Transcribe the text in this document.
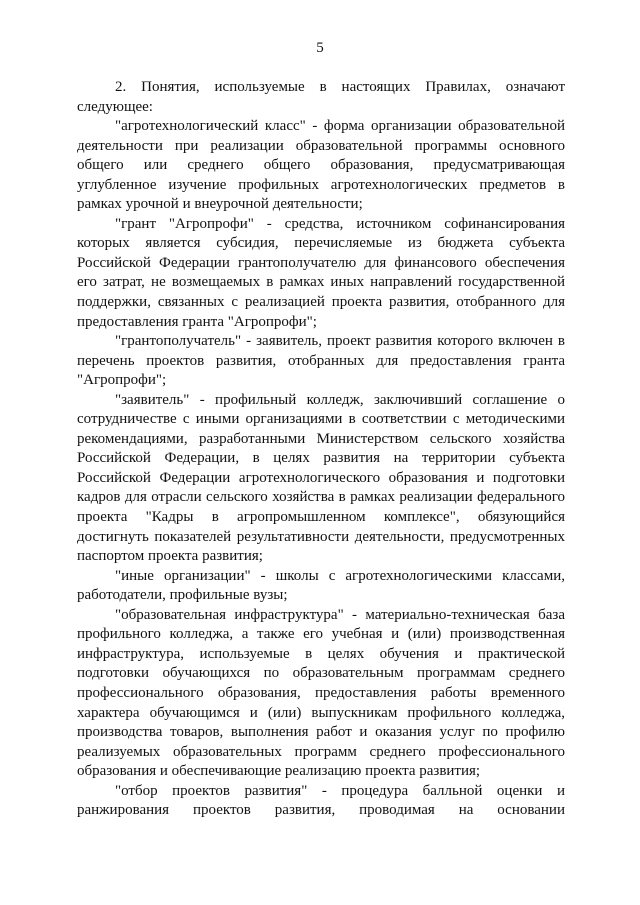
5

2. Понятия, используемые в настоящих Правилах, означают следующее:

"агротехнологический класс" - форма организации образовательной деятельности при реализации образовательной программы основного общего или среднего общего образования, предусматривающая углубленное изучение профильных агротехнологических предметов в рамках урочной и внеурочной деятельности;

"грант "Агропрофи" - средства, источником софинансирования которых является субсидия, перечисляемые из бюджета субъекта Российской Федерации грантополучателю для финансового обеспечения его затрат, не возмещаемых в рамках иных направлений государственной поддержки, связанных с реализацией проекта развития, отобранного для предоставления гранта "Агропрофи";

"грантополучатель" - заявитель, проект развития которого включен в перечень проектов развития, отобранных для предоставления гранта "Агропрофи";

"заявитель" - профильный колледж, заключивший соглашение о сотрудничестве с иными организациями в соответствии с методическими рекомендациями, разработанными Министерством сельского хозяйства Российской Федерации, в целях развития на территории субъекта Российской Федерации агротехнологического образования и подготовки кадров для отрасли сельского хозяйства в рамках реализации федерального проекта "Кадры в агропромышленном комплексе", обязующийся достигнуть показателей результативности деятельности, предусмотренных паспортом проекта развития;

"иные организации" - школы с агротехнологическими классами, работодатели, профильные вузы;

"образовательная инфраструктура" - материально-техническая база профильного колледжа, а также его учебная и (или) производственная инфраструктура, используемые в целях обучения и практической подготовки обучающихся по образовательным программам среднего профессионального образования, предоставления работы временного характера обучающимся и (или) выпускникам профильного колледжа, производства товаров, выполнения работ и оказания услуг по профилю реализуемых образовательных программ среднего профессионального образования и обеспечивающие реализацию проекта развития;

"отбор проектов развития" - процедура балльной оценки и ранжирования проектов развития, проводимая на основании
